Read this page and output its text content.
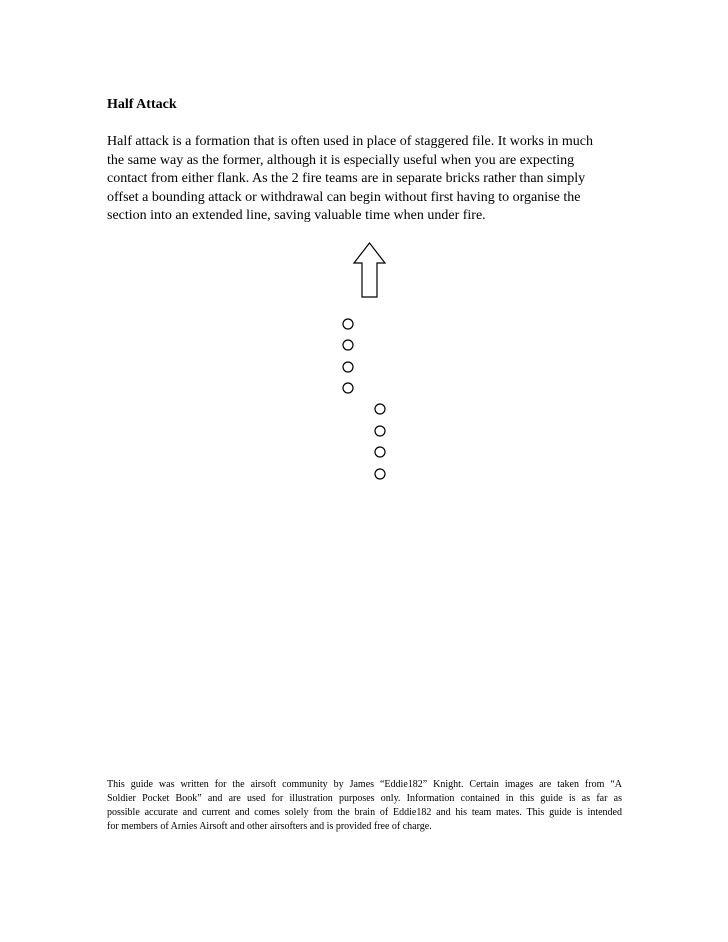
Half Attack

Half attack is a formation that is often used in place of staggered file. It works in much
the same way as the former, although it is especially useful when you are expecting
contact from either flank. As the 2 fire teams are in separate bricks rather than simply
offset a bounding attack or withdrawal can begin without first having to organise the
section into an extended line, saving valuable time when under fire.

This guide was written for the airsoft community by James “Eddie182” Knight. Certain images are taken from “A
Soldier Pocket Book” and are used for illustration purposes only. Information contained in this guide is as far as
possible accurate and current and comes solely from the brain of Eddie182 and his team mates. This guide is intended
for members of Arnies Airsoft and other airsofters and is provided free of charge.
